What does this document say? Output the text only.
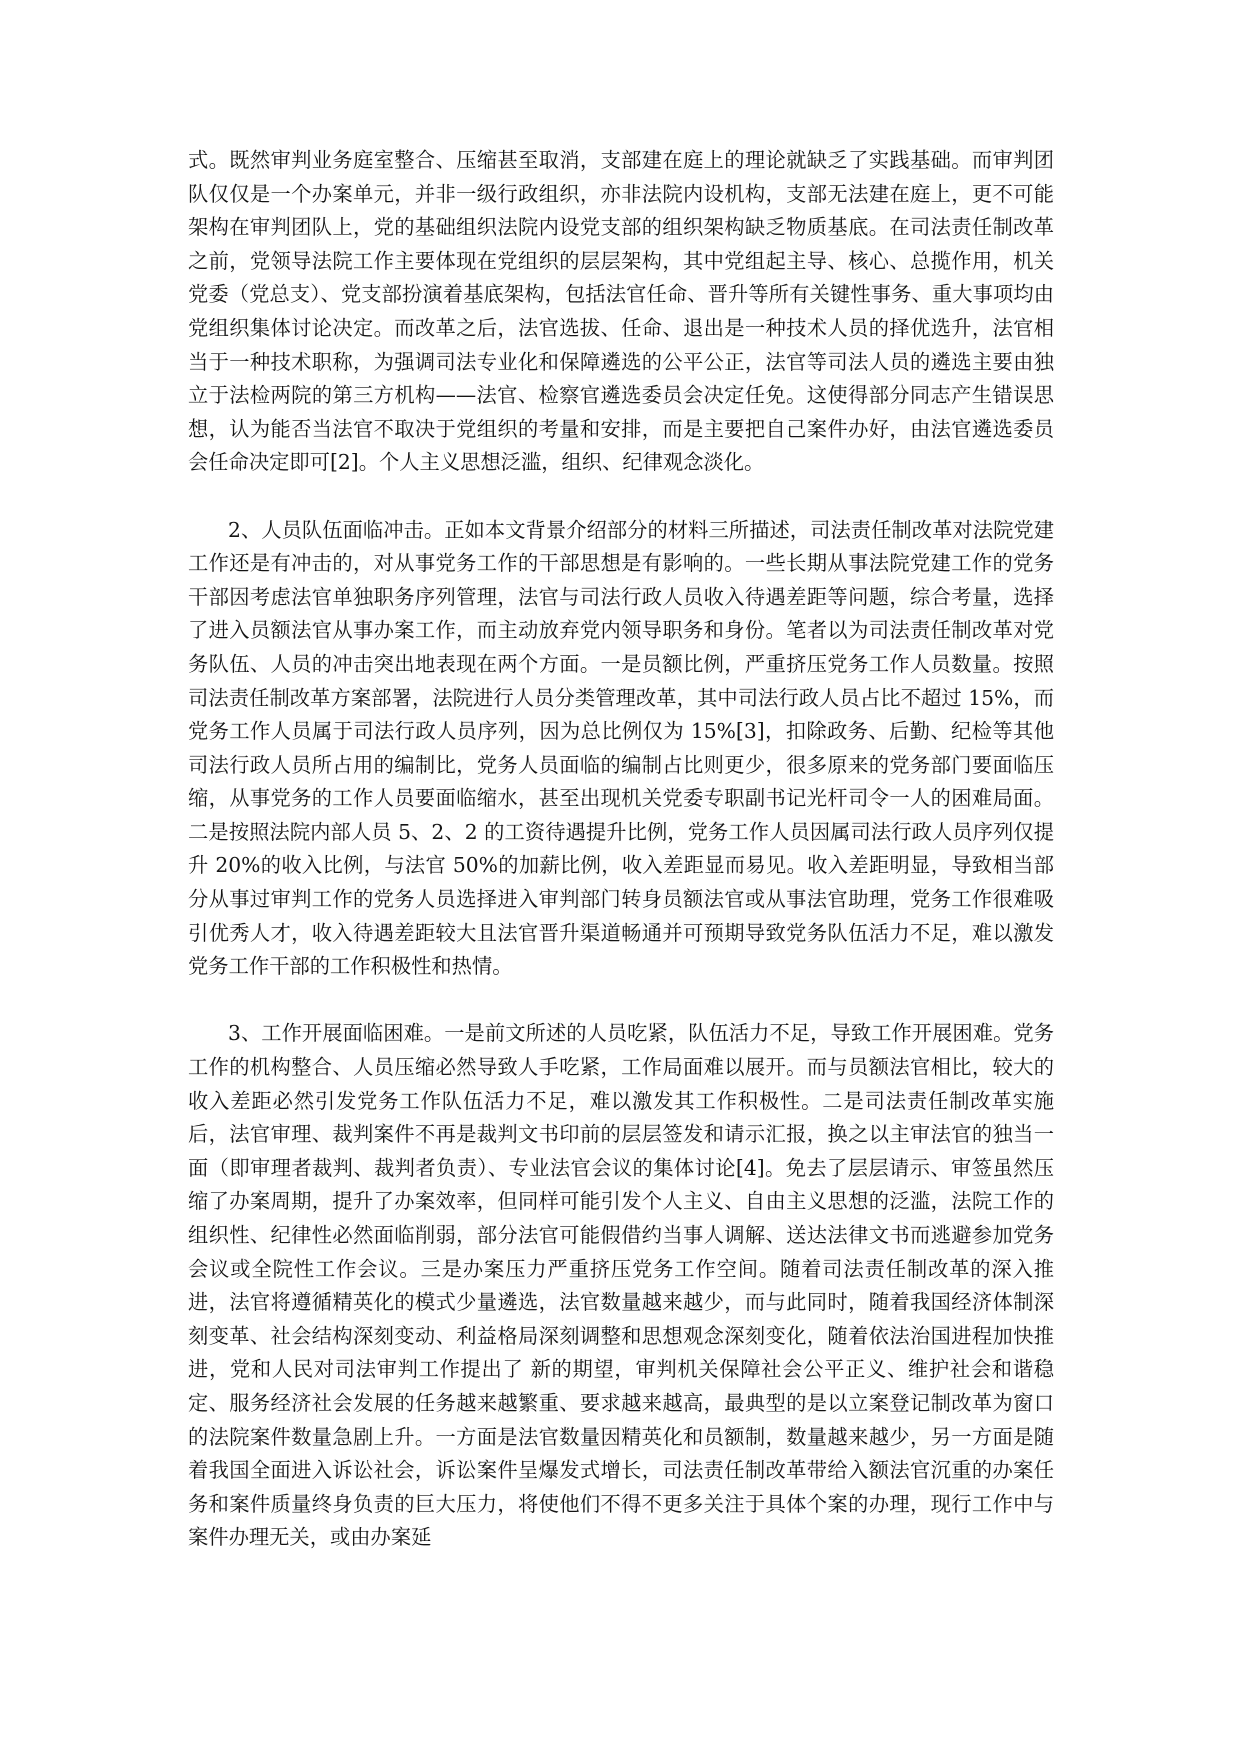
式。既然审判业务庭室整合、压缩甚至取消，支部建在庭上的理论就缺乏了实践基础。而审判团队仅仅是一个办案单元，并非一级行政组织，亦非法院内设机构，支部无法建在庭上，更不可能架构在审判团队上，党的基础组织法院内设党支部的组织架构缺乏物质基底。在司法责任制改革之前，党领导法院工作主要体现在党组织的层层架构，其中党组起主导、核心、总揽作用，机关党委（党总支）、党支部扮演着基底架构，包括法官任命、晋升等所有关键性事务、重大事项均由党组织集体讨论决定。而改革之后，法官选拔、任命、退出是一种技术人员的择优选升，法官相当于一种技术职称，为强调司法专业化和保障遴选的公平公正，法官等司法人员的遴选主要由独立于法检两院的第三方机构——法官、检察官遴选委员会决定任免。这使得部分同志产生错误思想，认为能否当法官不取决于党组织的考量和安排，而是主要把自己案件办好，由法官遴选委员会任命决定即可[2]。个人主义思想泛滥，组织、纪律观念淡化。

2、人员队伍面临冲击。正如本文背景介绍部分的材料三所描述，司法责任制改革对法院党建工作还是有冲击的，对从事党务工作的干部思想是有影响的。一些长期从事法院党建工作的党务干部因考虑法官单独职务序列管理，法官与司法行政人员收入待遇差距等问题，综合考量，选择了进入员额法官从事办案工作，而主动放弃党内领导职务和身份。笔者以为司法责任制改革对党务队伍、人员的冲击突出地表现在两个方面。一是员额比例，严重挤压党务工作人员数量。按照司法责任制改革方案部署，法院进行人员分类管理改革，其中司法行政人员占比不超过 15%，而党务工作人员属于司法行政人员序列，因为总比例仅为 15%[3]，扣除政务、后勤、纪检等其他司法行政人员所占用的编制比，党务人员面临的编制占比则更少，很多原来的党务部门要面临压缩，从事党务的工作人员要面临缩水，甚至出现机关党委专职副书记光杆司令一人的困难局面。二是按照法院内部人员 5、2、2 的工资待遇提升比例，党务工作人员因属司法行政人员序列仅提升 20%的收入比例，与法官 50%的加薪比例，收入差距显而易见。收入差距明显，导致相当部分从事过审判工作的党务人员选择进入审判部门转身员额法官或从事法官助理，党务工作很难吸引优秀人才，收入待遇差距较大且法官晋升渠道畅通并可预期导致党务队伍活力不足，难以激发党务工作干部的工作积极性和热情。

3、工作开展面临困难。一是前文所述的人员吃紧，队伍活力不足，导致工作开展困难。党务工作的机构整合、人员压缩必然导致人手吃紧，工作局面难以展开。而与员额法官相比，较大的收入差距必然引发党务工作队伍活力不足，难以激发其工作积极性。二是司法责任制改革实施后，法官审理、裁判案件不再是裁判文书印前的层层签发和请示汇报，换之以主审法官的独当一面（即审理者裁判、裁判者负责）、专业法官会议的集体讨论[4]。免去了层层请示、审签虽然压缩了办案周期，提升了办案效率，但同样可能引发个人主义、自由主义思想的泛滥，法院工作的组织性、纪律性必然面临削弱，部分法官可能假借约当事人调解、送达法律文书而逃避参加党务会议或全院性工作会议。三是办案压力严重挤压党务工作空间。随着司法责任制改革的深入推进，法官将遵循精英化的模式少量遴选，法官数量越来越少，而与此同时，随着我国经济体制深刻变革、社会结构深刻变动、利益格局深刻调整和思想观念深刻变化，随着依法治国进程加快推进，党和人民对司法审判工作提出了 新的期望，审判机关保障社会公平正义、维护社会和谐稳定、服务经济社会发展的任务越来越繁重、要求越来越高，最典型的是以立案登记制改革为窗口的法院案件数量急剧上升。一方面是法官数量因精英化和员额制，数量越来越少，另一方面是随着我国全面进入诉讼社会，诉讼案件呈爆发式增长，司法责任制改革带给入额法官沉重的办案任务和案件质量终身负责的巨大压力，将使他们不得不更多关注于具体个案的办理，现行工作中与案件办理无关，或由办案延
